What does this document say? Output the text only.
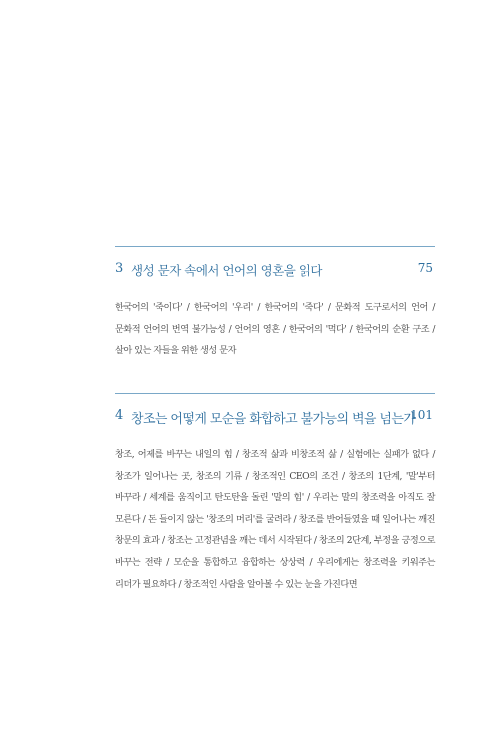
3 생성 문자 속에서 언어의 영혼을 읽다	75
한국어의 '죽이다' / 한국어의 '우리' / 한국어의 '죽다' / 문화적 도구로서의 언어 / 문화적 언어의 번역 불가능성 / 언어의 영혼 / 한국어의 '먹다' / 한국어의 순환 구조 / 살아 있는 자들을 위한 생성 문자
4 창조는 어떻게 모순을 화합하고 불가능의 벽을 넘는가
101
창조, 어제를 바꾸는 내일의 힘 / 창조적 삶과 비창조적 삶 / 실험에는 실패가 없다 / 창조가 일어나는 곳, 창조의 기류 / 창조적인 CEO의 조건 / 창조의 1단계, '말'부터 바꾸라 / 세계를 움직이고 탄도탄을 돌린 '말의 힘' / 우리는 말의 창조력을 아직도 잘 모른다 / 돈 들이지 않는 '창조의 머리'를 굴려라 / 창조를 반어들였을 때 일어나는 깨진 창문의 효과 / 창조는 고정관념을 깨는 데서 시작된다 / 창조의 2단계, 부정을 긍정으로 바꾸는 전략 / 모순을 통합하고 융합하는 상상력 / 우리에게는 창조력을 키워주는 리더가 필요하다 / 창조적인 사람을 알아볼 수 있는 눈을 가진다면
